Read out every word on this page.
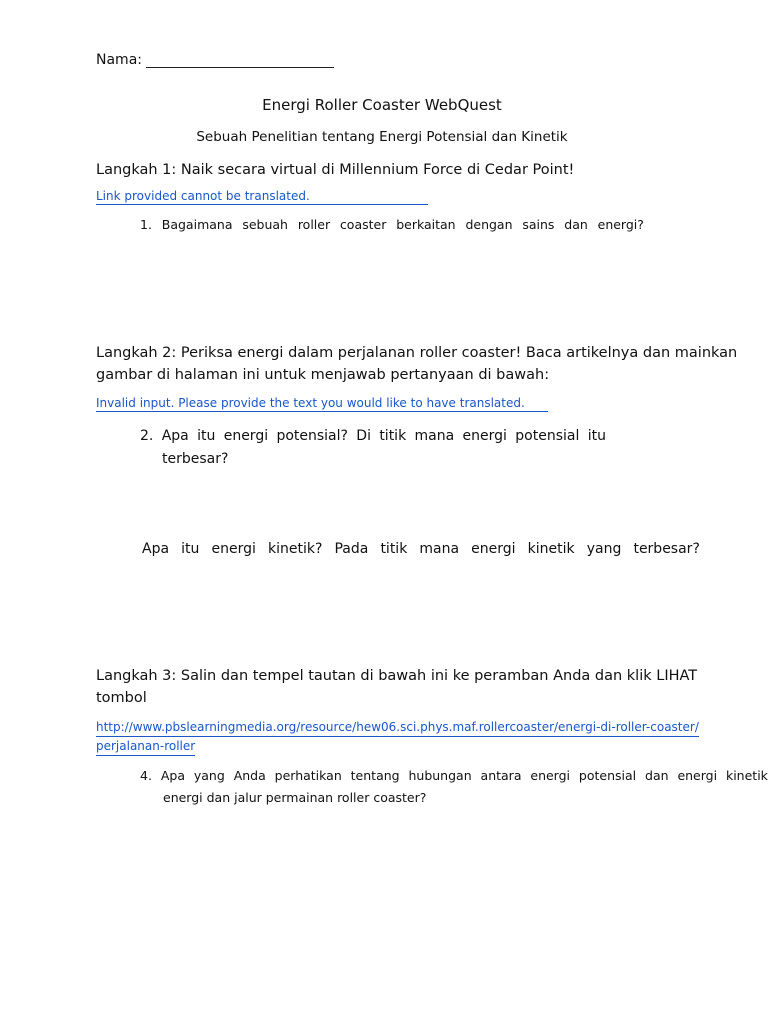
Nama:
Energi Roller Coaster WebQuest
Sebuah Penelitian tentang Energi Potensial dan Kinetik
Langkah 1: Naik secara virtual di Millennium Force di Cedar Point!
Link provided cannot be translated.
1. Bagaimana sebuah roller coaster berkaitan dengan sains dan energi?
Langkah 2: Periksa energi dalam perjalanan roller coaster! Baca artikelnya dan mainkan
gambar di halaman ini untuk menjawab pertanyaan di bawah:
Invalid input. Please provide the text you would like to have translated.
2. Apa itu energi potensial? Di titik mana energi potensial itu
terbesar?
Apa itu energi kinetik? Pada titik mana energi kinetik yang terbesar?
Langkah 3: Salin dan tempel tautan di bawah ini ke peramban Anda dan klik LIHAT
tombol
http://www.pbslearningmedia.org/resource/hew06.sci.phys.maf.rollercoaster/energi-di-roller-coaster/
perjalanan-roller
4. Apa yang Anda perhatikan tentang hubungan antara energi potensial dan energi kinetik
energi dan jalur permainan roller coaster?
